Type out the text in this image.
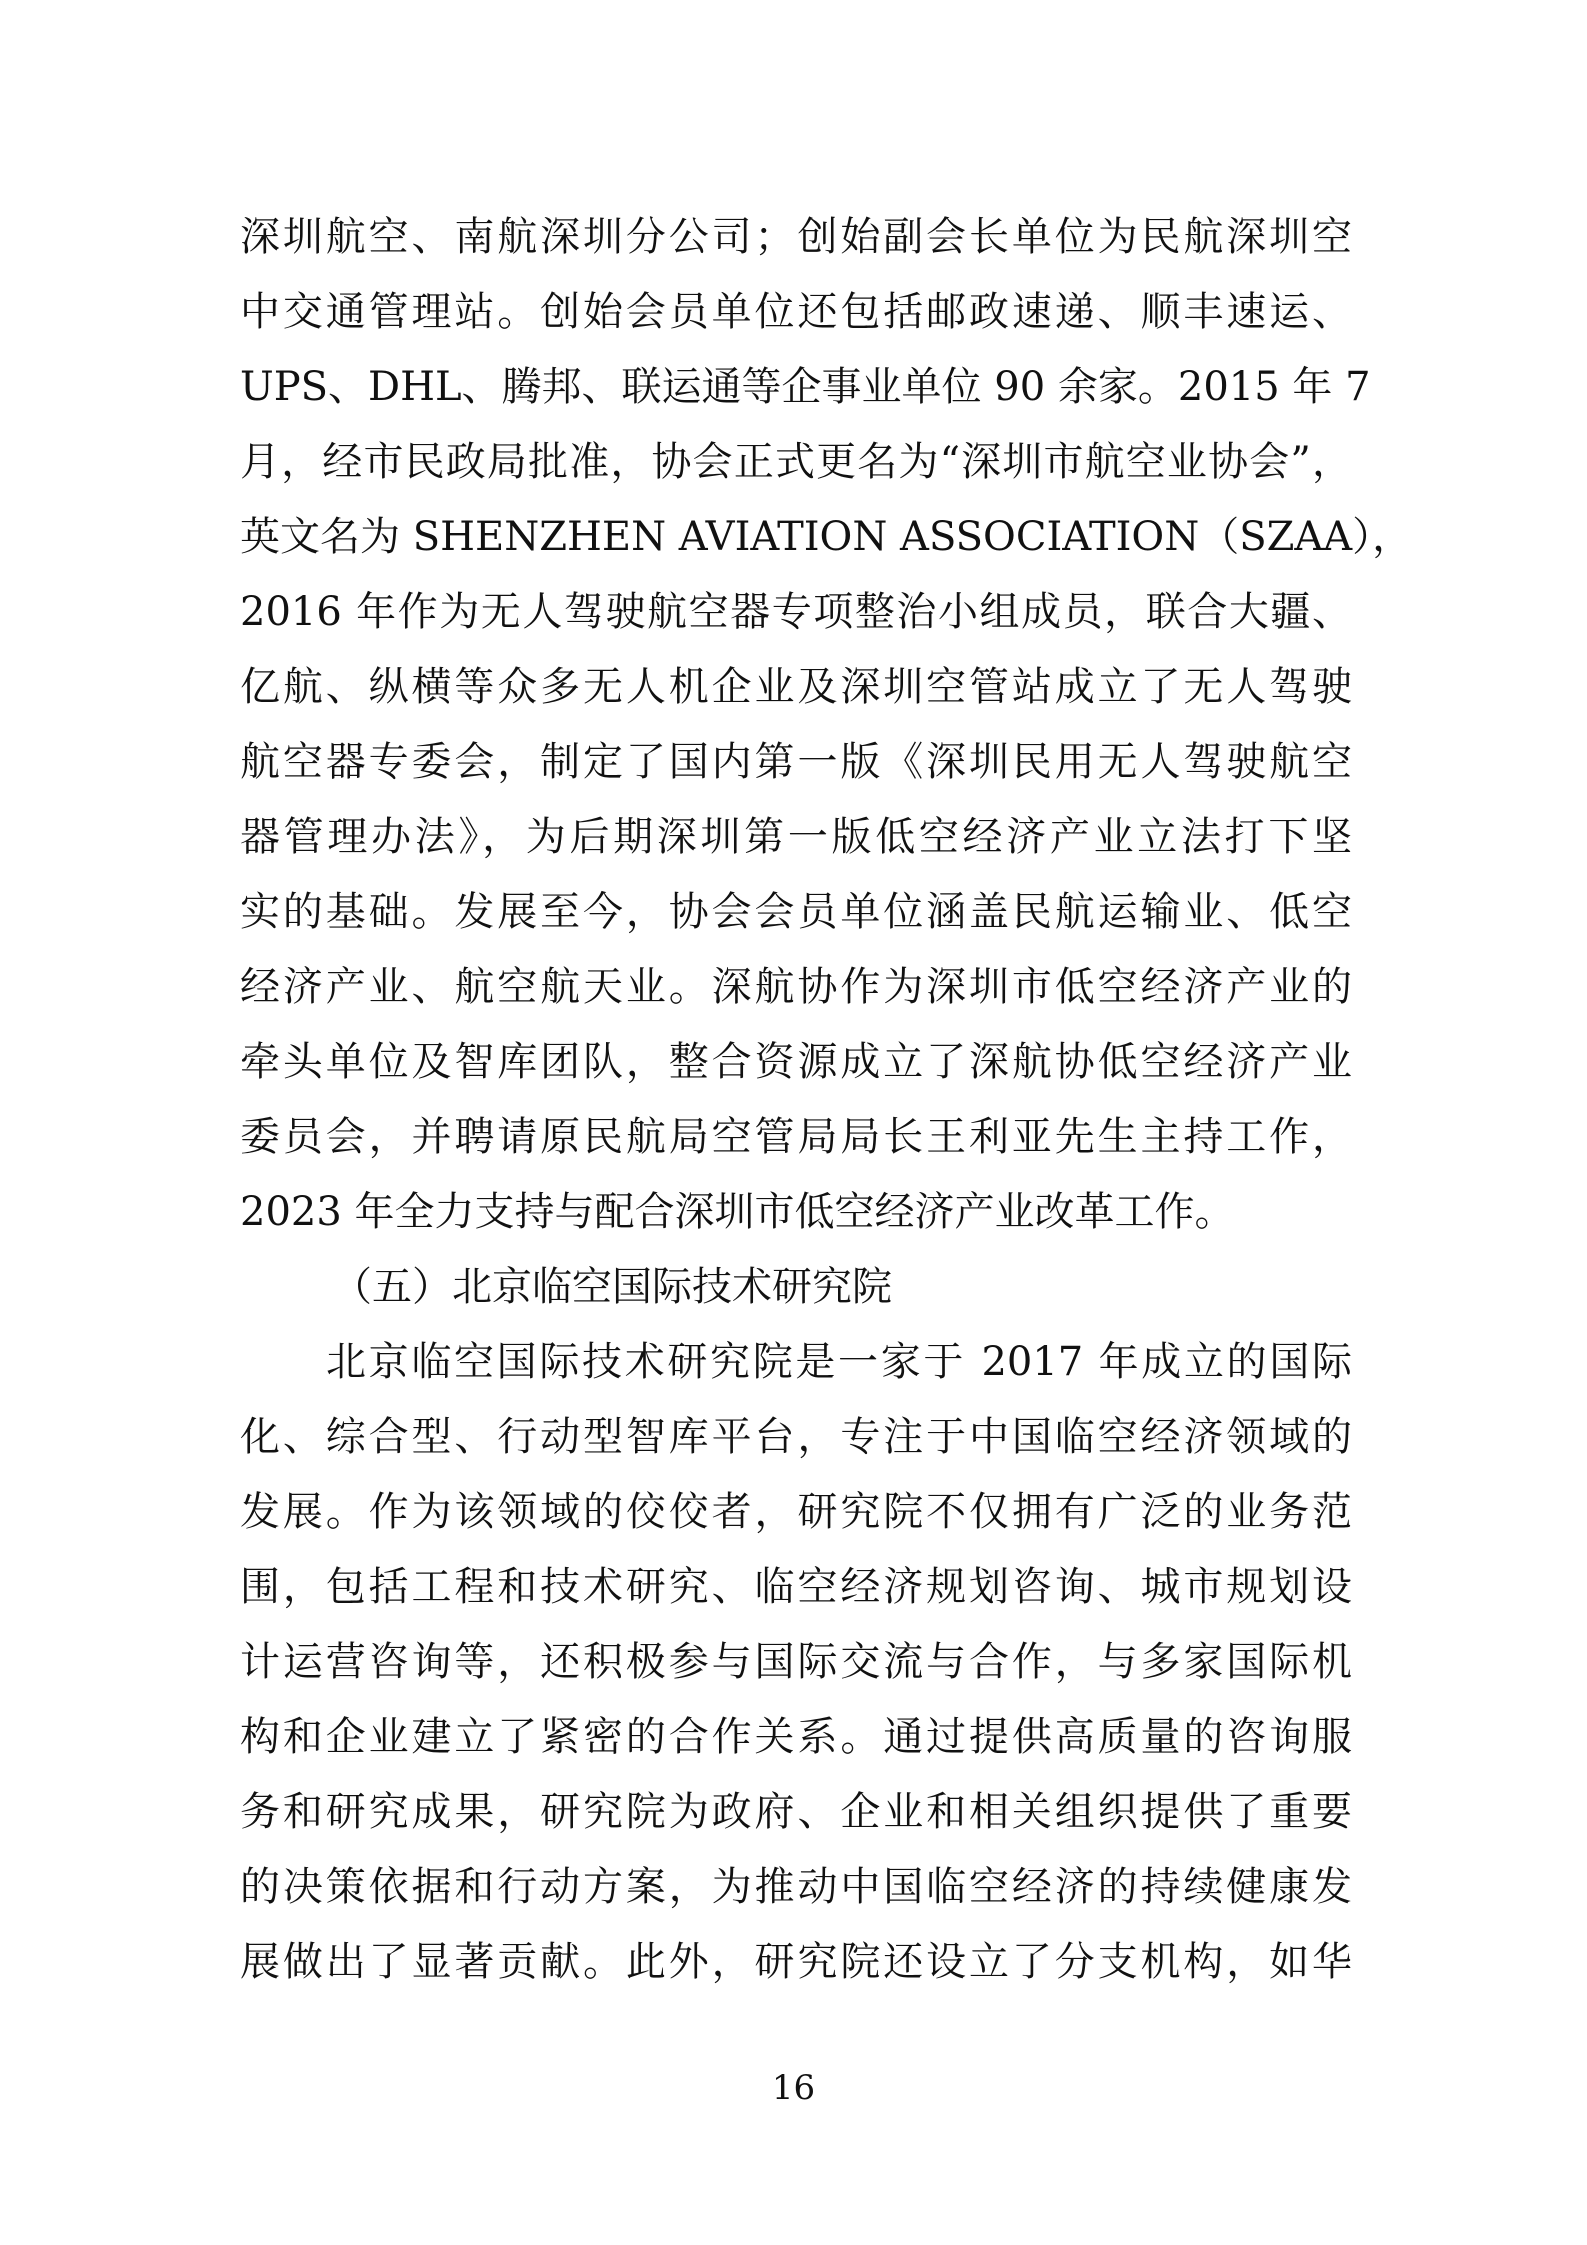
深圳航空、南航深圳分公司；创始副会长单位为民航深圳空
中交通管理站。创始会员单位还包括邮政速递、顺丰速运、
UPS、DHL、腾邦、联运通等企事业单位 90 余家。2015 年 7
月，经市民政局批准，协会正式更名为“深圳市航空业协会”，
英文名为 SHENZHEN AVIATION ASSOCIATION（SZAA），
2016 年作为无人驾驶航空器专项整治小组成员，联合大疆、
亿航、纵横等众多无人机企业及深圳空管站成立了无人驾驶
航空器专委会，制定了国内第一版《深圳民用无人驾驶航空
器管理办法》，为后期深圳第一版低空经济产业立法打下坚
实的基础。发展至今，协会会员单位涵盖民航运输业、低空
经济产业、航空航天业。深航协作为深圳市低空经济产业的
牵头单位及智库团队，整合资源成立了深航协低空经济产业
委员会，并聘请原民航局空管局局长王利亚先生主持工作，
2023 年全力支持与配合深圳市低空经济产业改革工作。
（五）北京临空国际技术研究院
北京临空国际技术研究院是一家于 2017 年成立的国际
化、综合型、行动型智库平台，专注于中国临空经济领域的
发展。作为该领域的佼佼者，研究院不仅拥有广泛的业务范
围，包括工程和技术研究、临空经济规划咨询、城市规划设
计运营咨询等，还积极参与国际交流与合作，与多家国际机
构和企业建立了紧密的合作关系。通过提供高质量的咨询服
务和研究成果，研究院为政府、企业和相关组织提供了重要
的决策依据和行动方案，为推动中国临空经济的持续健康发
展做出了显著贡献。此外，研究院还设立了分支机构，如华
16
